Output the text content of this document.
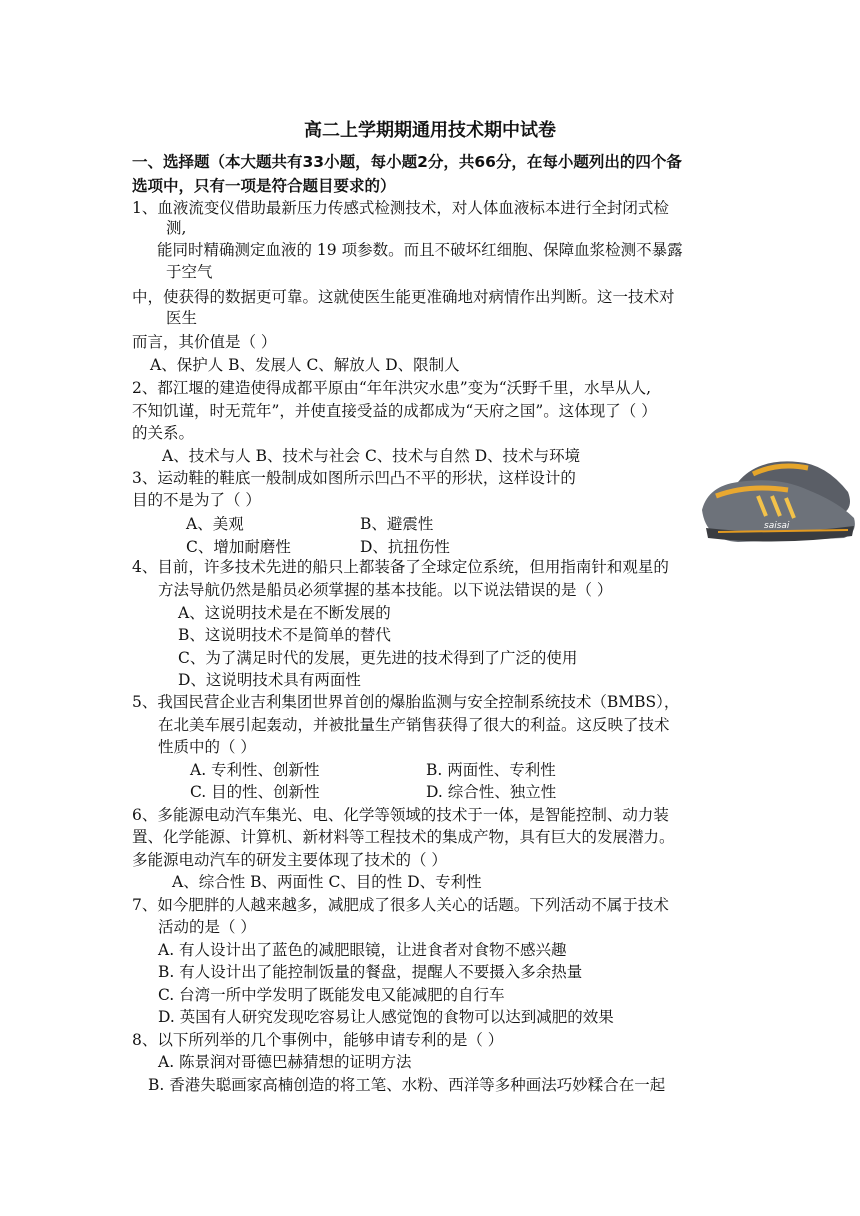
高二上学期期通用技术期中试卷
一、选择题（本大题共有33小题，每小题2分，共66分，在每小题列出的四个备
选项中，只有一项是符合题目要求的）
1、血液流变仪借助最新压力传感式检测技术，对人体血液标本进行全封闭式检
测,
能同时精确测定血液的 19 项参数。而且不破坏红细胞、保障血浆检测不暴露
于空气
中，使获得的数据更可靠。这就使医生能更准确地对病情作出判断。这一技术对
医生
而言，其价值是（ ）
A、保护人 B、发展人 C、解放人 D、限制人
2、都江堰的建造使得成都平原由“年年洪灾水患”变为“沃野千里，水旱从人,
不知饥谨，时无荒年”，并使直接受益的成都成为“天府之国”。这体现了（ ）
的关系。
A、技术与人 B、技术与社会 C、技术与自然 D、技术与环境
3、运动鞋的鞋底一般制成如图所示凹凸不平的形状，这样设计的
目的不是为了（ ）
A、美观	B、避震性
C、增加耐磨性	D、抗扭伤性
saisai
4、目前，许多技术先进的船只上都装备了全球定位系统，但用指南针和观星的
方法导航仍然是船员必须掌握的基本技能。以下说法错误的是（ ）
A、这说明技术是在不断发展的
B、这说明技术不是简单的替代
C、为了满足时代的发展，更先进的技术得到了广泛的使用
D、这说明技术具有两面性
5、我国民营企业吉利集团世界首创的爆胎监测与安全控制系统技术（BMBS），
在北美车展引起轰动，并被批量生产销售获得了很大的利益。这反映了技术
性质中的（ ）
A. 专利性、创新性	B. 两面性、专利性
C. 目的性、创新性	D. 综合性、独立性
6、多能源电动汽车集光、电、化学等领域的技术于一体，是智能控制、动力装
置、化学能源、计算机、新材料等工程技术的集成产物，具有巨大的发展潜力。
多能源电动汽车的研发主要体现了技术的（ ）
A、综合性 B、两面性 C、目的性 D、专利性
7、如今肥胖的人越来越多，减肥成了很多人关心的话题。下列活动不属于技术
活动的是（ ）
A. 有人设计出了蓝色的减肥眼镜，让进食者对食物不感兴趣
B. 有人设计出了能控制饭量的餐盘，提醒人不要摄入多余热量
C. 台湾一所中学发明了既能发电又能减肥的自行车
D. 英国有人研究发现吃容易让人感觉饱的食物可以达到减肥的效果
8、以下所列举的几个事例中，能够申请专利的是（ ）
A. 陈景润对哥德巴赫猜想的证明方法
B. 香港失聪画家高楠创造的将工笔、水粉、西洋等多种画法巧妙糅合在一起
